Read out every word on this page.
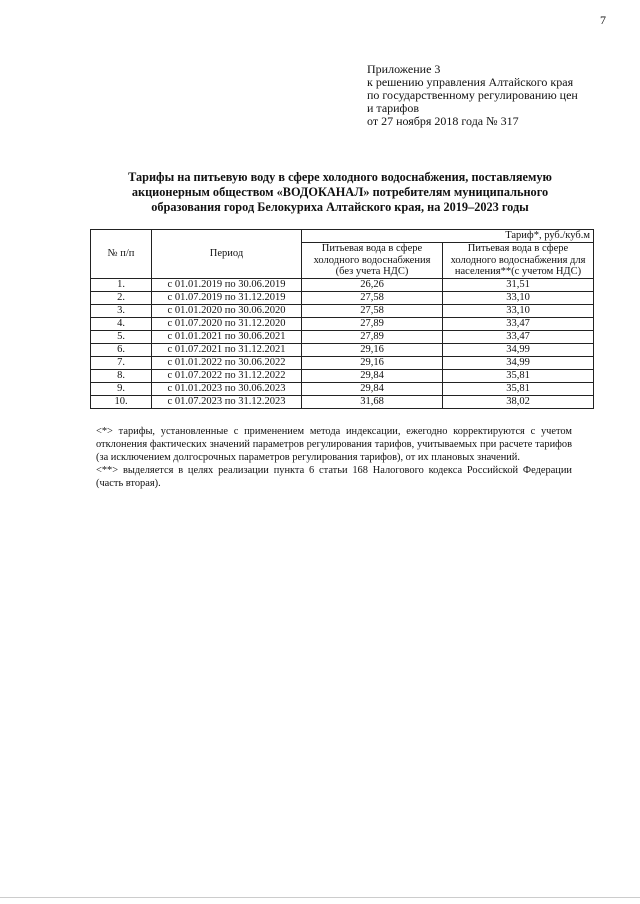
7
Приложение 3
к решению управления Алтайского края
по государственному регулированию цен
и тарифов
от 27 ноября 2018 года № 317
Тарифы на питьевую воду в сфере холодного водоснабжения, поставляемую
акционерным обществом «ВОДОКАНАЛ» потребителям муниципального
образования город Белокуриха Алтайского края, на 2019–2023 годы
№ п/п	Период	Тариф*, руб./куб.м	
		Питьевая вода в сфере холодного водоснабжения (без учета НДС)	Питьевая вода в сфере холодного водоснабжения для населения**(с учетом НДС)
1.	с 01.01.2019 по 30.06.2019	26,26	31,51
2.	с 01.07.2019 по 31.12.2019	27,58	33,10
3.	с 01.01.2020 по 30.06.2020	27,58	33,10
4.	с 01.07.2020 по 31.12.2020	27,89	33,47
5.	с 01.01.2021 по 30.06.2021	27,89	33,47
6.	с 01.07.2021 по 31.12.2021	29,16	34,99
7.	с 01.01.2022 по 30.06.2022	29,16	34,99
8.	с 01.07.2022 по 31.12.2022	29,84	35,81
9.	с 01.01.2023 по 30.06.2023	29,84	35,81
10.	с 01.07.2023 по 31.12.2023	31,68	38,02
<*> тарифы, установленные с применением метода индексации, ежегодно корректируются с учетом отклонения фактических значений параметров регулирования тарифов, учитываемых при расчете тарифов (за исключением долгосрочных параметров регулирования тарифов), от их плановых значений.
<**> выделяется в целях реализации пункта 6 статьи 168 Налогового кодекса Российской Федерации (часть вторая).
